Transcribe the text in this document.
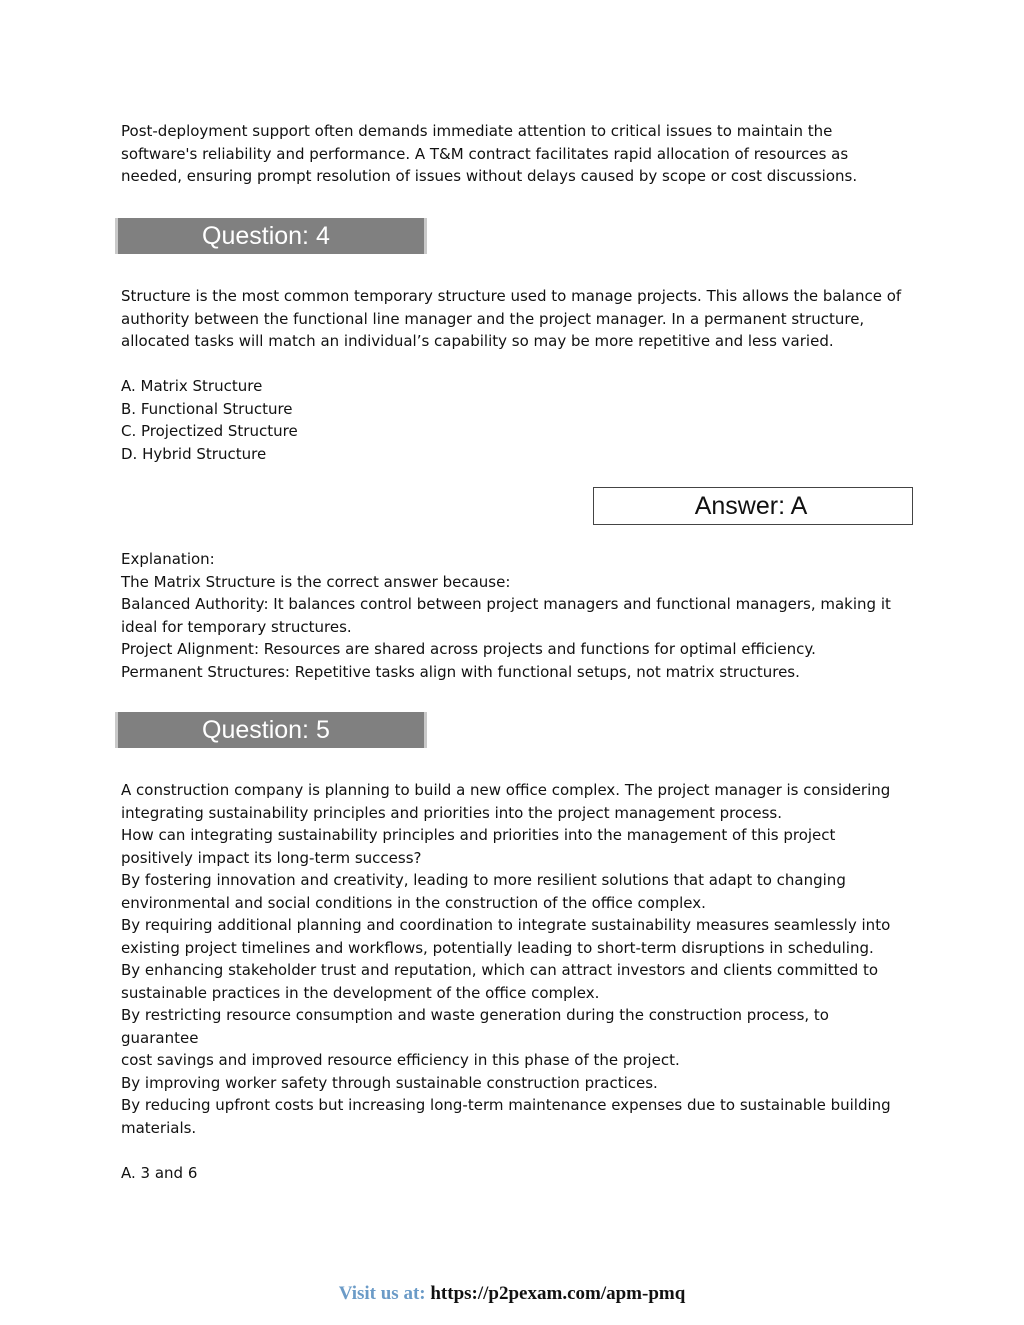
Post-deployment support often demands immediate attention to critical issues to maintain the
software's reliability and performance. A T&M contract facilitates rapid allocation of resources as
needed, ensuring prompt resolution of issues without delays caused by scope or cost discussions.
Question: 4
Structure is the most common temporary structure used to manage projects. This allows the balance of
authority between the functional line manager and the project manager. In a permanent structure,
allocated tasks will match an individual’s capability so may be more repetitive and less varied.
A. Matrix Structure
B. Functional Structure
C. Projectized Structure
D. Hybrid Structure
Answer: A
Explanation:
The Matrix Structure is the correct answer because:
Balanced Authority: It balances control between project managers and functional managers, making it
ideal for temporary structures.
Project Alignment: Resources are shared across projects and functions for optimal efficiency.
Permanent Structures: Repetitive tasks align with functional setups, not matrix structures.
Question: 5
A construction company is planning to build a new office complex. The project manager is considering
integrating sustainability principles and priorities into the project management process.
How can integrating sustainability principles and priorities into the management of this project
positively impact its long-term success?
By fostering innovation and creativity, leading to more resilient solutions that adapt to changing
environmental and social conditions in the construction of the office complex.
By requiring additional planning and coordination to integrate sustainability measures seamlessly into
existing project timelines and workflows, potentially leading to short-term disruptions in scheduling.
By enhancing stakeholder trust and reputation, which can attract investors and clients committed to
sustainable practices in the development of the office complex.
By restricting resource consumption and waste generation during the construction process, to
guarantee
cost savings and improved resource efficiency in this phase of the project.
By improving worker safety through sustainable construction practices.
By reducing upfront costs but increasing long-term maintenance expenses due to sustainable building
materials.
A. 3 and 6
Visit us at: https://p2pexam.com/apm-pmq
